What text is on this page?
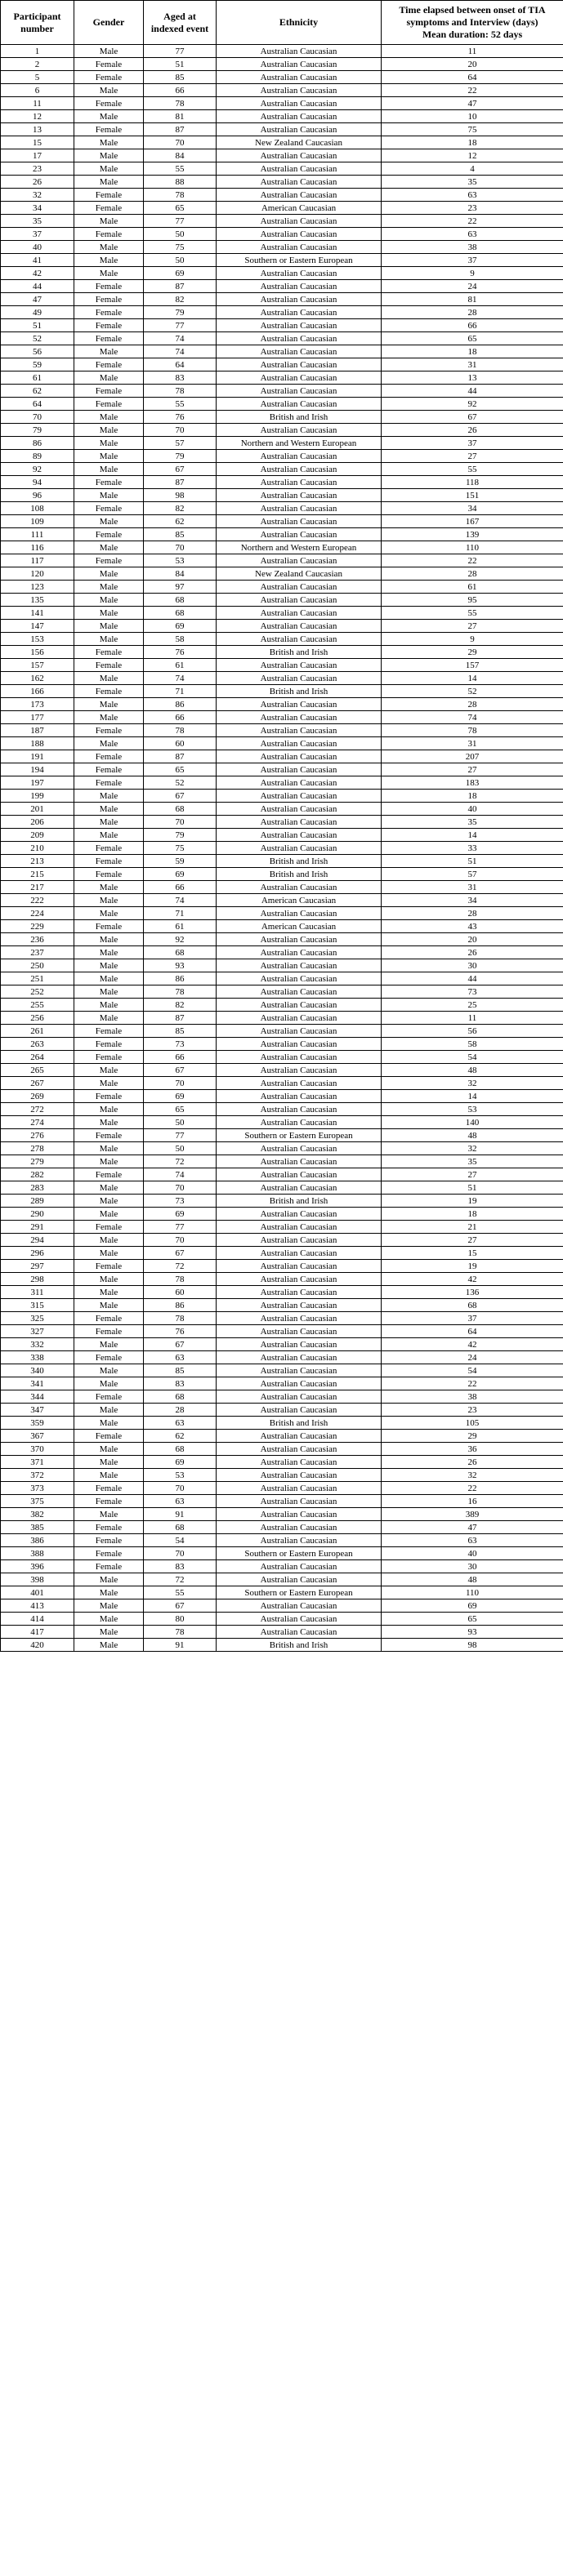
Participant number	Gender	Aged at indexed event	Ethnicity	Time elapsed between onset of TIA symptoms and Interview (days)
Mean duration: 52 days
1	Male	77	Australian Caucasian	11
2	Female	51	Australian Caucasian	20
5	Female	85	Australian Caucasian	64
6	Male	66	Australian Caucasian	22
11	Female	78	Australian Caucasian	47
12	Male	81	Australian Caucasian	10
13	Female	87	Australian Caucasian	75
15	Male	70	New Zealand Caucasian	18
17	Male	84	Australian Caucasian	12
23	Male	55	Australian Caucasian	4
26	Male	88	Australian Caucasian	35
32	Female	78	Australian Caucasian	63
34	Female	65	American Caucasian	23
35	Male	77	Australian Caucasian	22
37	Female	50	Australian Caucasian	63
40	Male	75	Australian Caucasian	38
41	Male	50	Southern or Eastern European	37
42	Male	69	Australian Caucasian	9
44	Female	87	Australian Caucasian	24
47	Female	82	Australian Caucasian	81
49	Female	79	Australian Caucasian	28
51	Female	77	Australian Caucasian	66
52	Female	74	Australian Caucasian	65
56	Male	74	Australian Caucasian	18
59	Female	64	Australian Caucasian	31
61	Male	83	Australian Caucasian	13
62	Female	78	Australian Caucasian	44
64	Female	55	Australian Caucasian	92
70	Male	76	British and Irish	67
79	Male	70	Australian Caucasian	26
86	Male	57	Northern and Western European	37
89	Male	79	Australian Caucasian	27
92	Male	67	Australian Caucasian	55
94	Female	87	Australian Caucasian	118
96	Male	98	Australian Caucasian	151
108	Female	82	Australian Caucasian	34
109	Male	62	Australian Caucasian	167
111	Female	85	Australian Caucasian	139
116	Male	70	Northern and Western European	110
117	Female	53	Australian Caucasian	22
120	Male	84	New Zealand Caucasian	28
123	Male	97	Australian Caucasian	61
135	Male	68	Australian Caucasian	95
141	Male	68	Australian Caucasian	55
147	Male	69	Australian Caucasian	27
153	Male	58	Australian Caucasian	9
156	Female	76	British and Irish	29
157	Female	61	Australian Caucasian	157
162	Male	74	Australian Caucasian	14
166	Female	71	British and Irish	52
173	Male	86	Australian Caucasian	28
177	Male	66	Australian Caucasian	74
187	Female	78	Australian Caucasian	78
188	Male	60	Australian Caucasian	31
191	Female	87	Australian Caucasian	207
194	Female	65	Australian Caucasian	27
197	Female	52	Australian Caucasian	183
199	Male	67	Australian Caucasian	18
201	Male	68	Australian Caucasian	40
206	Male	70	Australian Caucasian	35
209	Male	79	Australian Caucasian	14
210	Female	75	Australian Caucasian	33
213	Female	59	British and Irish	51
215	Female	69	British and Irish	57
217	Male	66	Australian Caucasian	31
222	Male	74	American Caucasian	34
224	Male	71	Australian Caucasian	28
229	Female	61	American Caucasian	43
236	Male	92	Australian Caucasian	20
237	Male	68	Australian Caucasian	26
250	Male	93	Australian Caucasian	30
251	Male	86	Australian Caucasian	44
252	Male	78	Australian Caucasian	73
255	Male	82	Australian Caucasian	25
256	Male	87	Australian Caucasian	11
261	Female	85	Australian Caucasian	56
263	Female	73	Australian Caucasian	58
264	Female	66	Australian Caucasian	54
265	Male	67	Australian Caucasian	48
267	Male	70	Australian Caucasian	32
269	Female	69	Australian Caucasian	14
272	Male	65	Australian Caucasian	53
274	Male	50	Australian Caucasian	140
276	Female	77	Southern or Eastern European	48
278	Male	50	Australian Caucasian	32
279	Male	72	Australian Caucasian	35
282	Female	74	Australian Caucasian	27
283	Male	70	Australian Caucasian	51
289	Male	73	British and Irish	19
290	Male	69	Australian Caucasian	18
291	Female	77	Australian Caucasian	21
294	Male	70	Australian Caucasian	27
296	Male	67	Australian Caucasian	15
297	Female	72	Australian Caucasian	19
298	Male	78	Australian Caucasian	42
311	Male	60	Australian Caucasian	136
315	Male	86	Australian Caucasian	68
325	Female	78	Australian Caucasian	37
327	Female	76	Australian Caucasian	64
332	Male	67	Australian Caucasian	42
338	Female	63	Australian Caucasian	24
340	Male	85	Australian Caucasian	54
341	Male	83	Australian Caucasian	22
344	Female	68	Australian Caucasian	38
347	Male	28	Australian Caucasian	23
359	Male	63	British and Irish	105
367	Female	62	Australian Caucasian	29
370	Male	68	Australian Caucasian	36
371	Male	69	Australian Caucasian	26
372	Male	53	Australian Caucasian	32
373	Female	70	Australian Caucasian	22
375	Female	63	Australian Caucasian	16
382	Male	91	Australian Caucasian	389
385	Female	68	Australian Caucasian	47
386	Female	54	Australian Caucasian	63
388	Female	70	Southern or Eastern European	40
396	Female	83	Australian Caucasian	30
398	Male	72	Australian Caucasian	48
401	Male	55	Southern or Eastern European	110
413	Male	67	Australian Caucasian	69
414	Male	80	Australian Caucasian	65
417	Male	78	Australian Caucasian	93
420	Male	91	British and Irish	98
